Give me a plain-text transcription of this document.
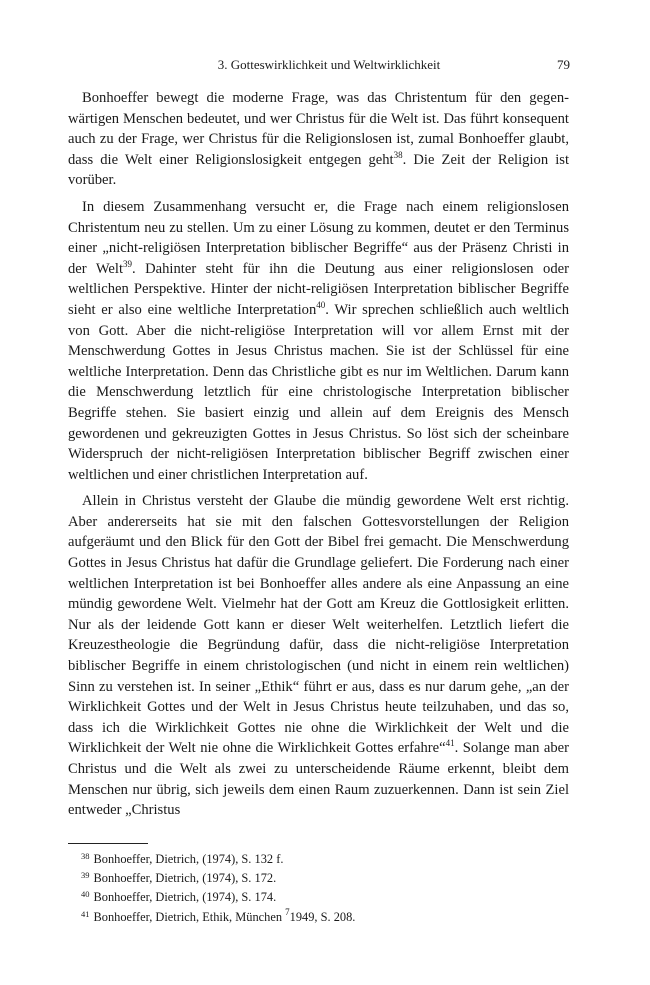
3. Gotteswirklichkeit und Weltwirklichkeit	79

Bonhoeffer bewegt die moderne Frage, was das Christentum für den gegenwärtigen Menschen bedeutet, und wer Christus für die Welt ist. Das führt konsequent auch zu der Frage, wer Christus für die Religionslosen ist, zumal Bonhoeffer glaubt, dass die Welt einer Religionslosigkeit entgegen geht$^{38}$. Die Zeit der Religion ist vorüber.

In diesem Zusammenhang versucht er, die Frage nach einem religionslosen Christentum neu zu stellen. Um zu einer Lösung zu kommen, deutet er den Terminus einer „nicht-religiösen Interpretation biblischer Begriffe“ aus der Präsenz Christi in der Welt$^{39}$. Dahinter steht für ihn die Deutung aus einer religionslosen oder weltlichen Perspektive. Hinter der nicht-religiösen Interpretation biblischer Begriffe sieht er also eine weltliche Interpretation$^{40}$. Wir sprechen schließlich auch weltlich von Gott. Aber die nicht-religiöse Interpretation will vor allem Ernst mit der Menschwerdung Gottes in Jesus Christus machen. Sie ist der Schlüssel für eine weltliche Interpretation. Denn das Christliche gibt es nur im Weltlichen. Darum kann die Menschwerdung letztlich für eine christologische Interpretation biblischer Begriffe stehen. Sie basiert einzig und allein auf dem Ereignis des Mensch gewordenen und gekreuzigten Gottes in Jesus Christus. So löst sich der scheinbare Widerspruch der nicht-religiösen Interpretation biblischer Begriff zwischen einer weltlichen und einer christlichen Interpretation auf.

Allein in Christus versteht der Glaube die mündig gewordene Welt erst richtig. Aber andererseits hat sie mit den falschen Gottesvorstellungen der Religion aufgeräumt und den Blick für den Gott der Bibel frei gemacht. Die Menschwerdung Gottes in Jesus Christus hat dafür die Grundlage geliefert. Die Forderung nach einer weltlichen Interpretation ist bei Bonhoeffer alles andere als eine Anpassung an eine mündig gewordene Welt. Vielmehr hat der Gott am Kreuz die Gottlosigkeit erlitten. Nur als der leidende Gott kann er dieser Welt weiterhelfen. Letztlich liefert die Kreuzestheologie die Begründung dafür, dass die nicht-religiöse Interpretation biblischer Begriffe in einem christologischen (und nicht in einem rein weltlichen) Sinn zu verstehen ist. In seiner „Ethik“ führt er aus, dass es nur darum gehe, „an der Wirklichkeit Gottes und der Welt in Jesus Christus heute teilzuhaben, und das so, dass ich die Wirklichkeit Gottes nie ohne die Wirklichkeit der Welt und die Wirklichkeit der Welt nie ohne die Wirklichkeit Gottes erfahre“$^{41}$. Solange man aber Christus und die Welt als zwei zu unterscheidende Räume erkennt, bleibt dem Menschen nur übrig, sich jeweils dem einen Raum zuzuerkennen. Dann ist sein Ziel entweder „Christus

$^{38}$ Bonhoeffer, Dietrich, (1974), S. 132 f.
$^{39}$ Bonhoeffer, Dietrich, (1974), S. 172.
$^{40}$ Bonhoeffer, Dietrich, (1974), S. 174.
$^{41}$ Bonhoeffer, Dietrich, Ethik, München $^7$1949, S. 208.
